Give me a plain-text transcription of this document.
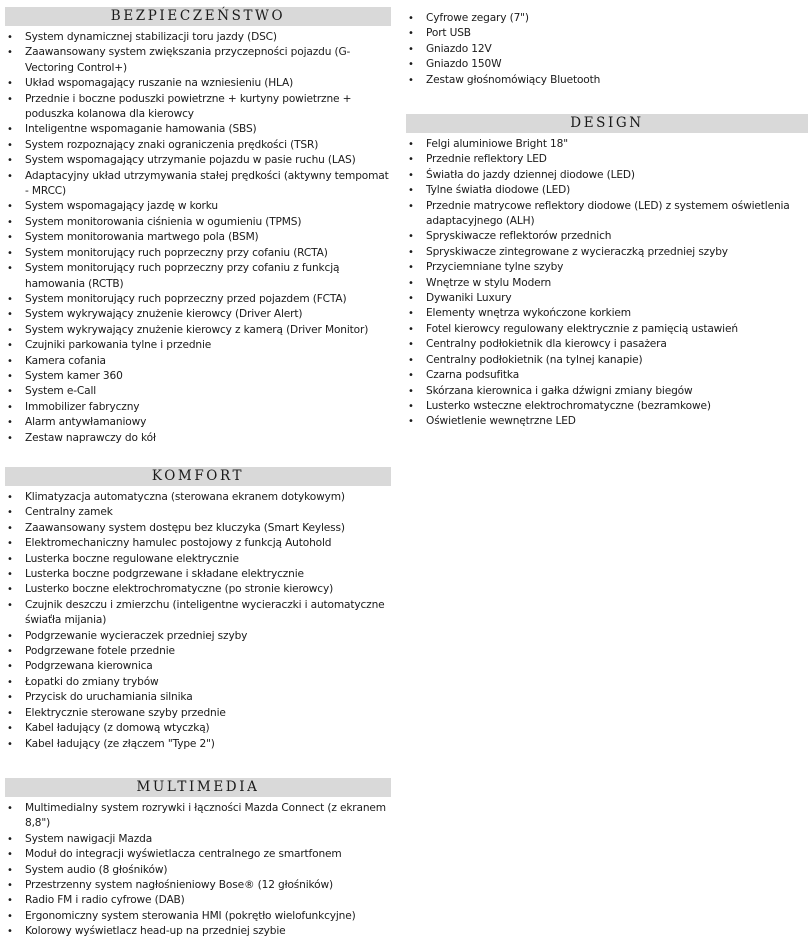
BEZPIECZEŃSTWO
• System dynamicznej stabilizacji toru jazdy (DSC)
• Zaawansowany system zwiększania przyczepności pojazdu (G-Vectoring Control+)
• Układ wspomagający ruszanie na wzniesieniu (HLA)
• Przednie i boczne poduszki powietrzne + kurtyny powietrzne + poduszka kolanowa dla kierowcy
• Inteligentne wspomaganie hamowania (SBS)
• System rozpoznający znaki ograniczenia prędkości (TSR)
• System wspomagający utrzymanie pojazdu w pasie ruchu (LAS)
• Adaptacyjny układ utrzymywania stałej prędkości (aktywny tempomat - MRCC)
• System wspomagający jazdę w korku
• System monitorowania ciśnienia w ogumieniu (TPMS)
• System monitorowania martwego pola (BSM)
• System monitorujący ruch poprzeczny przy cofaniu (RCTA)
• System monitorujący ruch poprzeczny przy cofaniu z funkcją hamowania (RCTB)
• System monitorujący ruch poprzeczny przed pojazdem (FCTA)
• System wykrywający znużenie kierowcy (Driver Alert)
• System wykrywający znużenie kierowcy z kamerą (Driver Monitor)
• Czujniki parkowania tylne i przednie
• Kamera cofania
• System kamer 360
• System e-Call
• Immobilizer fabryczny
• Alarm antywłamaniowy
• Zestaw naprawczy do kół
KOMFORT
• Klimatyzacja automatyczna (sterowana ekranem dotykowym)
• Centralny zamek
• Zaawansowany system dostępu bez kluczyka (Smart Keyless)
• Elektromechaniczny hamulec postojowy z funkcją Autohold
• Lusterka boczne regulowane elektrycznie
• Lusterka boczne podgrzewane i składane elektrycznie
• Lusterko boczne elektrochromatyczne (po stronie kierowcy)
• Czujnik deszczu i zmierzchu (inteligentne wycieraczki i automatyczne świaťła mijania)
• Podgrzewanie wycieraczek przedniej szyby
• Podgrzewane fotele przednie
• Podgrzewana kierownica
• Łopatki do zmiany trybów
• Przycisk do uruchamiania silnika
• Elektrycznie sterowane szyby przednie
• Kabel ładujący (z domową wtyczką)
• Kabel ładujący (ze złączem "Type 2")
MULTIMEDIA
• Multimedialny system rozrywki i łączności Mazda Connect (z ekranem 8,8")
• System nawigacji Mazda
• Moduł do integracji wyświetlacza centralnego ze smartfonem
• System audio (8 głośników)
• Przestrzenny system nagłośnieniowy Bose® (12 głośników)
• Radio FM i radio cyfrowe (DAB)
• Ergonomiczny system sterowania HMI (pokrętło wielofunkcyjne)
• Kolorowy wyświetlacz head-up na przedniej szybie
• Cyfrowe zegary (7")
• Port USB
• Gniazdo 12V
• Gniazdo 150W
• Zestaw głośnomówiący Bluetooth
DESIGN
• Felgi aluminiowe Bright 18"
• Przednie reflektory LED
• Światła do jazdy dziennej diodowe (LED)
• Tylne światła diodowe (LED)
• Przednie matrycowe reflektory diodowe (LED) z systemem oświetlenia adaptacyjnego (ALH)
• Spryskiwacze reflektorów przednich
• Spryskiwacze zintegrowane z wycieraczką przedniej szyby
• Przyciemniane tylne szyby
• Wnętrze w stylu Modern
• Dywaniki Luxury
• Elementy wnętrza wykończone korkiem
• Fotel kierowcy regulowany elektrycznie z pamięcią ustawień
• Centralny podłokietnik dla kierowcy i pasażera
• Centralny podłokietnik (na tylnej kanapie)
• Czarna podsufitka
• Skórzana kierownica i gałka dźwigni zmiany biegów
• Lusterko wsteczne elektrochromatyczne (bezramkowe)
• Oświetlenie wewnętrzne LED
